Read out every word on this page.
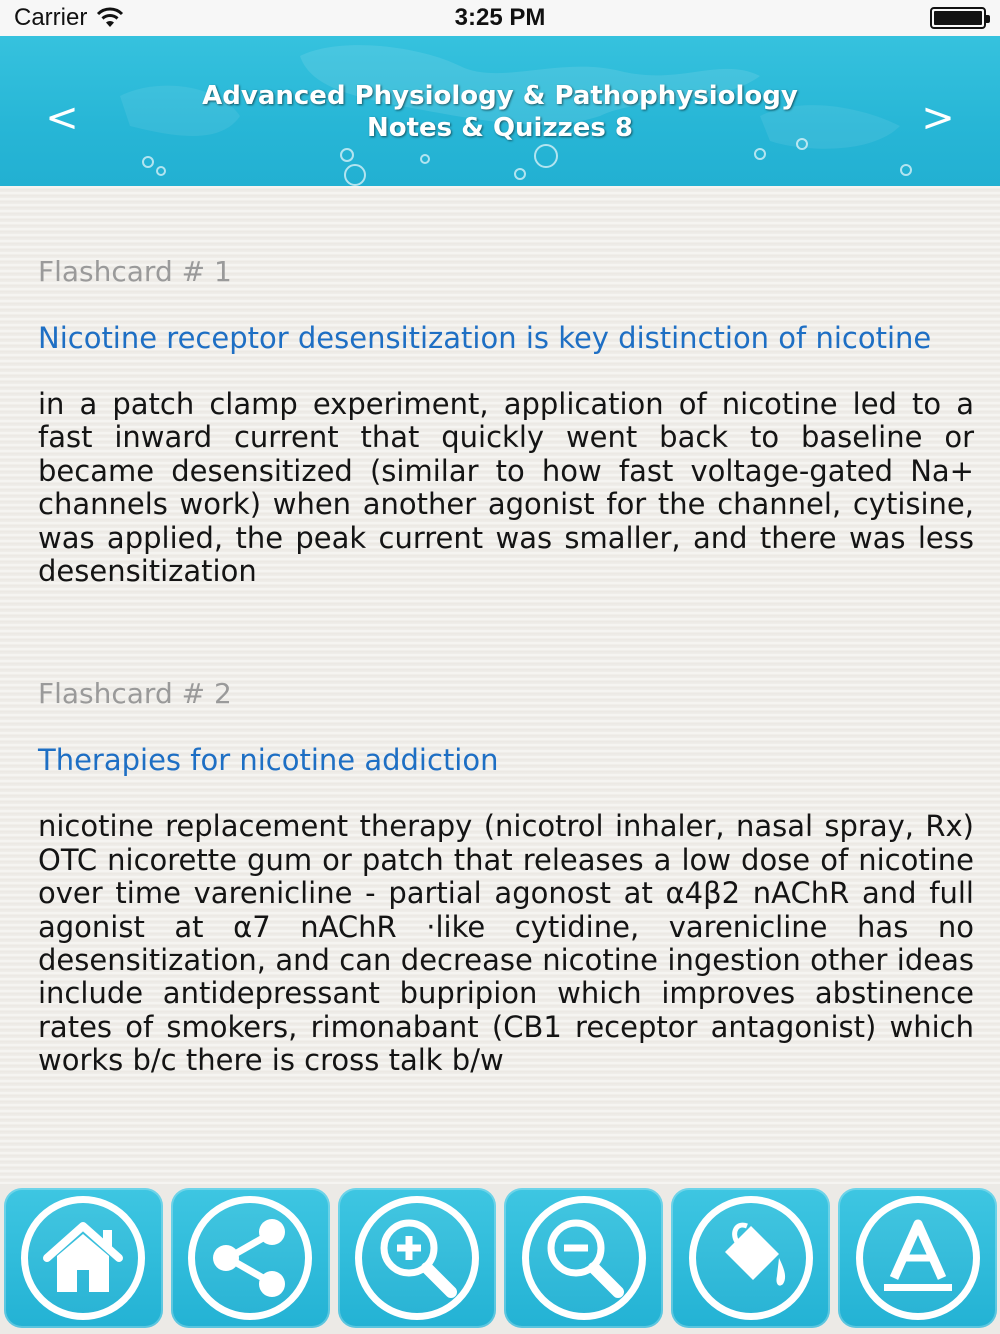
Carrier	3:25 PM
<	Advanced Physiology & Pathophysiology
Notes & Quizzes 8	>
Flashcard # 1
Nicotine receptor desensitization is key distinction of nicotine
in a patch clamp experiment, application of nicotine led to a fast inward current that quickly went back to baseline or became desensitized (similar to how fast voltage-gated Na+ channels work) when another agonist for the channel, cytisine, was applied, the peak current was smaller, and there was less desensitization
Flashcard # 2
Therapies for nicotine addiction
nicotine replacement therapy (nicotrol inhaler, nasal spray, Rx) OTC nicorette gum or patch that releases a low dose of nicotine over time varenicline - partial agonost at α4β2 nAChR and full agonist at α7 nAChR ·like cytidine, varenicline has no desensitization, and can decrease nicotine ingestion other ideas include antidepressant bupripion which improves abstinence rates of smokers, rimonabant (CB1 receptor antagonist) which works b/c there is cross talk b/w
